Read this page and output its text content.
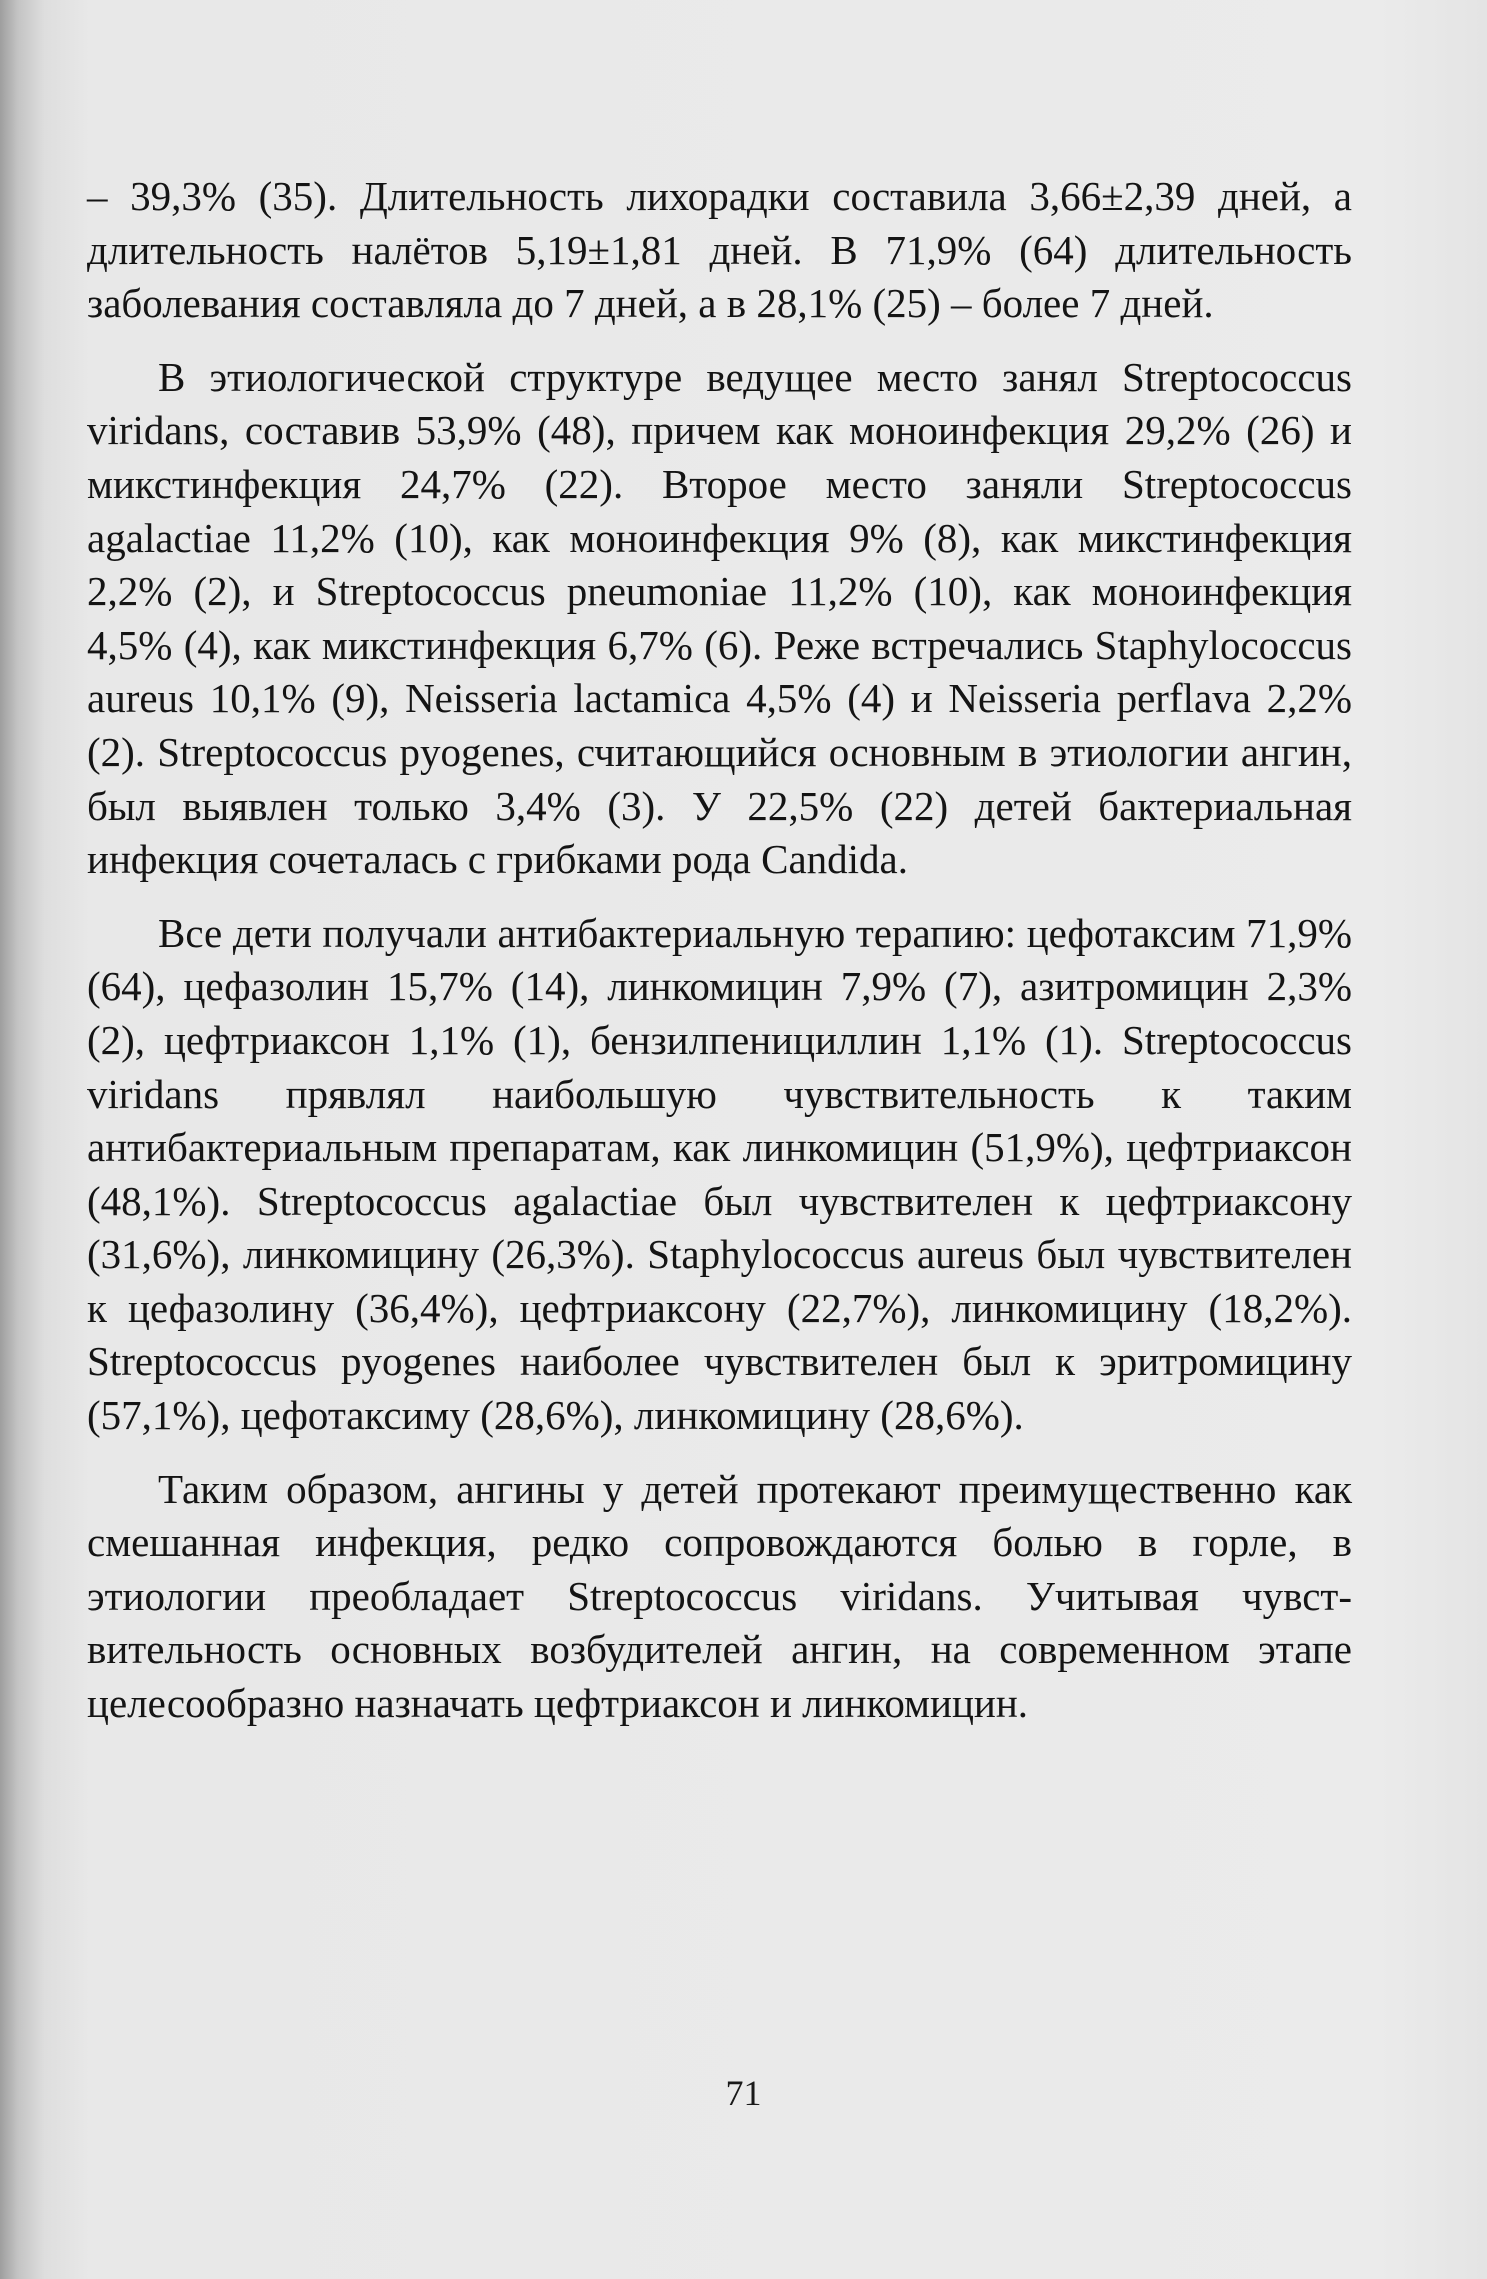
– 39,3% (35). Длительность лихорадки составила 3,66±2,39 дней, а длительность налётов 5,19±1,81 дней. В 71,9% (64) длительность заболевания составляла до 7 дней, а в 28,1% (25) – более 7 дней.

В этиологической структуре ведущее место занял Streptococcus viridans, составив 53,9% (48), причем как моноинфекция 29,2% (26) и микстинфекция 24,7% (22). Второе место заняли Streptococcus agalactiae 11,2% (10), как моноинфекция 9% (8), как микстинфекция 2,2% (2), и Streptococcus pneumoniae 11,2% (10), как моноинфекция 4,5% (4), как микстинфекция 6,7% (6). Реже встречались Staphylococcus aureus 10,1% (9), Neisseria lactamica 4,5% (4) и Neisseria perflava 2,2% (2). Streptococcus pyogenes, считающийся основным в этиологии ангин, был выявлен только 3,4% (3). У 22,5% (22) детей бактериальная инфекция сочеталась с грибками рода Candida.

Все дети получали антибактериальную терапию: цефотаксим 71,9% (64), цефазолин 15,7% (14), линкомицин 7,9% (7), азитромицин 2,3% (2), цефтриаксон 1,1% (1), бензилпенициллин 1,1% (1). Streptococcus viridans прявлял наибольшую чувствительность к таким антибактериальным препаратам, как линкомицин (51,9%), цефтриаксон (48,1%). Streptococcus agalactiae был чувствителен к цефтриаксону (31,6%), линкомицину (26,3%). Staphylococcus aureus был чувствителен к цефазолину (36,4%), цефтриаксону (22,7%), линкомицину (18,2%). Streptococcus pyogenes наиболее чувствителен был к эритромицину (57,1%), цефотаксиму (28,6%), линкомицину (28,6%).

Таким образом, ангины у детей протекают преимущественно как смешанная инфекция, редко сопровождаются болью в горле, в этиологии преобладает Streptococcus viridans. Учитывая чувствительность основных возбудителей ангин, на современном этапе целесообразно назначать цефтриаксон и линкомицин.

71
